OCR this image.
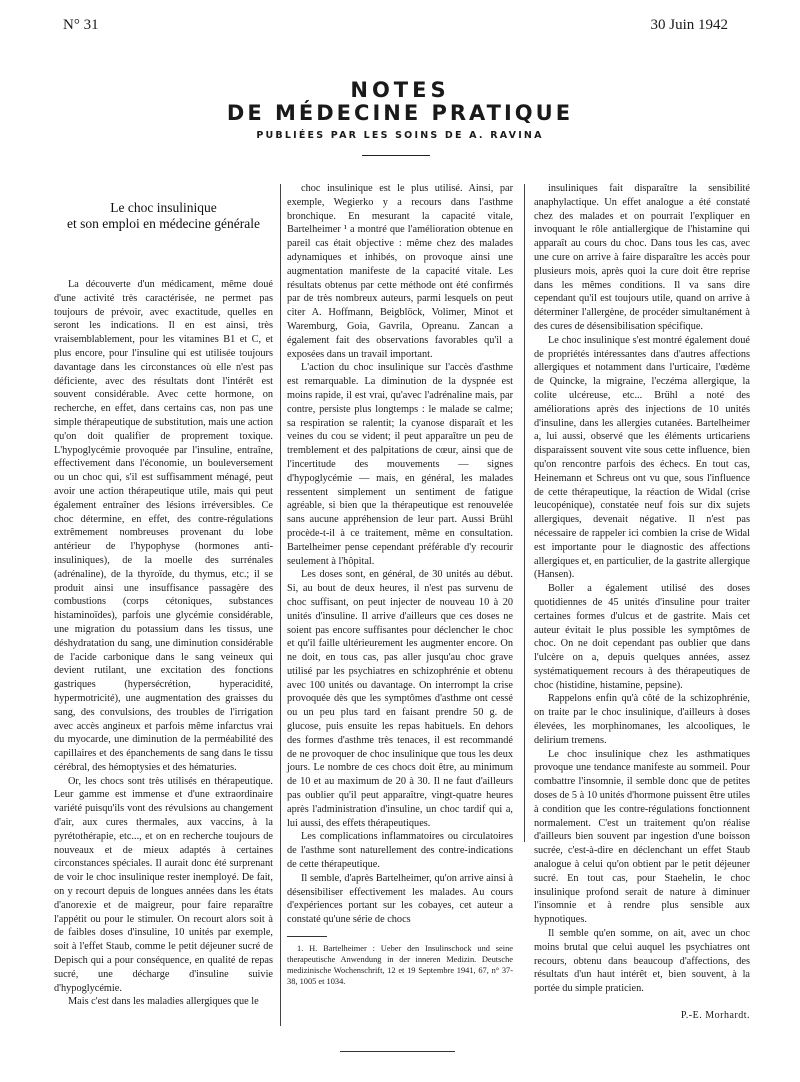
N° 31	30 Juin 1942
NOTES
DE MÉDECINE PRATIQUE
PUBLIÉES PAR LES SOINS DE A. RAVINA
Le choc insulinique
et son emploi en médecine générale

La découverte d'un médicament, même doué d'une activité très caractérisée, ne permet pas toujours de prévoir, avec exactitude, quelles en seront les indications. Il en est ainsi, très vraisemblablement, pour les vitamines B1 et C, et plus encore, pour l'insuline qui est utilisée toujours davantage dans les circonstances où elle n'est pas déficiente, avec des résultats dont l'intérêt est souvent considérable. Avec cette hormone, on recherche, en effet, dans certains cas, non pas une simple thérapeutique de substitution, mais une action qu'on doit qualifier de proprement toxique. L'hypoglycémie provoquée par l'insuline, entraîne, effectivement dans l'économie, un bouleversement ou un choc qui, s'il est suffisamment ménagé, peut avoir une action thérapeutique utile, mais qui peut également entraîner des lésions irréversibles. Ce choc détermine, en effet, des contre-régulations extrêmement nombreuses provenant du lobe antérieur de l'hypophyse (hormones anti-insuliniques), de la moelle des surrénales (adrénaline), de la thyroïde, du thymus, etc.; il se produit ainsi une insuffisance passagère des combustions (corps cétoniques, substances histaminoïdes), parfois une glycémie considérable, une migration du potassium dans les tissus, une déshydratation du sang, une diminution considérable de l'acide carbonique dans le sang veineux qui devient rutilant, une excitation des fonctions gastriques (hypersécrétion, hyperacidité, hypermotricité), une augmentation des graisses du sang, des convulsions, des troubles de l'irrigation avec accès angineux et parfois même infarctus vrai du myocarde, une diminution de la perméabilité des capillaires et des épanchements de sang dans le tissu cérébral, des hémoptysies et des hématuries.

Or, les chocs sont très utilisés en thérapeutique. Leur gamme est immense et d'une extraordinaire variété puisqu'ils vont des révulsions au changement d'air, aux cures thermales, aux vaccins, à la pyrétothérapie, etc..., et on en recherche toujours de nouveaux et de mieux adaptés à certaines circonstances spéciales. Il aurait donc été surprenant de voir le choc insulinique rester inemployé. De fait, on y recourt depuis de longues années dans les états d'anorexie et de maigreur, pour faire reparaître l'appétit ou pour le stimuler. On recourt alors soit à de faibles doses d'insuline, 10 unités par exemple, soit à l'effet Staub, comme le petit déjeuner sucré de Depisch qui a pour conséquence, en qualité de repas sucré, une décharge d'insuline suivie d'hypoglycémie.

Mais c'est dans les maladies allergiques que le

choc insulinique est le plus utilisé. Ainsi, par exemple, Wegierko y a recours dans l'asthme bronchique. En mesurant la capacité vitale, Bartelheimer ¹ a montré que l'amélioration obtenue en pareil cas était objective : même chez des malades adynamiques et inhibés, on provoque ainsi une augmentation manifeste de la capacité vitale. Les résultats obtenus par cette méthode ont été confirmés par de très nombreux auteurs, parmi lesquels on peut citer A. Hoffmann, Beigblöck, Volimer, Minot et Waremburg, Goia, Gavrila, Opreanu. Zancan a également fait des observations favorables qu'il a exposées dans un travail important.

L'action du choc insulinique sur l'accès d'asthme est remarquable. La diminution de la dyspnée est moins rapide, il est vrai, qu'avec l'adrénaline mais, par contre, persiste plus longtemps : le malade se calme; sa respiration se ralentit; la cyanose disparaît et les veines du cou se vident; il peut apparaître un peu de tremblement et des palpitations de cœur, ainsi que de l'incertitude des mouvements — signes d'hypoglycémie — mais, en général, les malades ressentent simplement un sentiment de fatigue agréable, si bien que la thérapeutique est renouvelée sans aucune appréhension de leur part. Aussi Brühl procède-t-il à ce traitement, même en consultation. Bartelheimer pense cependant préférable d'y recourir seulement à l'hôpital.

Les doses sont, en général, de 30 unités au début. Si, au bout de deux heures, il n'est pas survenu de choc suffisant, on peut injecter de nouveau 10 à 20 unités d'insuline. Il arrive d'ailleurs que ces doses ne soient pas encore suffisantes pour déclencher le choc et qu'il faille ultérieurement les augmenter encore. On ne doit, en tous cas, pas aller jusqu'au choc grave utilisé par les psychiatres en schizophrénie et obtenu avec 100 unités ou davantage. On interrompt la crise provoquée dès que les symptômes d'asthme ont cessé ou un peu plus tard en faisant prendre 50 g. de glucose, puis ensuite les repas habituels. En dehors des formes d'asthme très tenaces, il est recommandé de ne provoquer de choc insulinique que tous les deux jours. Le nombre de ces chocs doit être, au minimum de 10 et au maximum de 20 à 30. Il ne faut d'ailleurs pas oublier qu'il peut apparaître, vingt-quatre heures après l'administration d'insuline, un choc tardif qui a, lui aussi, des effets thérapeutiques.

Les complications inflammatoires ou circulatoires de l'asthme sont naturellement des contre-indications de cette thérapeutique.

Il semble, d'après Bartelheimer, qu'on arrive ainsi à désensibiliser effectivement les malades. Au cours d'expériences portant sur les cobayes, cet auteur a constaté qu'une série de chocs

1. H. Bartelheimer : Ueber den Insulinschock und seine therapeutische Anwendung in der inneren Medizin. Deutsche medizinische Wochenschrift, 12 et 19 Septembre 1941, 67, n° 37-38, 1005 et 1034.

insuliniques fait disparaître la sensibilité anaphylactique. Un effet analogue a été constaté chez des malades et on pourrait l'expliquer en invoquant le rôle antiallergique de l'histamine qui apparaît au cours du choc. Dans tous les cas, avec une cure on arrive à faire disparaître les accès pour plusieurs mois, après quoi la cure doit être reprise dans les mêmes conditions. Il va sans dire cependant qu'il est toujours utile, quand on arrive à déterminer l'allergène, de procéder simultanément à des cures de désensibilisation spécifique.

Le choc insulinique s'est montré également doué de propriétés intéressantes dans d'autres affections allergiques et notamment dans l'urticaire, l'œdème de Quincke, la migraine, l'eczéma allergique, la colite ulcéreuse, etc... Brühl a noté des améliorations après des injections de 10 unités d'insuline, dans les allergies cutanées. Bartelheimer a, lui aussi, observé que les éléments urticariens disparaissent souvent vite sous cette influence, bien qu'on rencontre parfois des échecs. En tout cas, Heinemann et Schreus ont vu que, sous l'influence de cette thérapeutique, la réaction de Widal (crise leucopénique), constatée neuf fois sur dix sujets allergiques, devenait négative. Il n'est pas nécessaire de rappeler ici combien la crise de Widal est importante pour le diagnostic des affections allergiques et, en particulier, de la gastrite allergique (Hansen).

Boller a également utilisé des doses quotidiennes de 45 unités d'insuline pour traiter certaines formes d'ulcus et de gastrite. Mais cet auteur évitait le plus possible les symptômes de choc. On ne doit cependant pas oublier que dans l'ulcère on a, depuis quelques années, assez systématiquement recours à des thérapeutiques de choc (histidine, histamine, pepsine).

Rappelons enfin qu'à côté de la schizophrénie, on traite par le choc insulinique, d'ailleurs à doses élevées, les morphinomanes, les alcooliques, le delirium tremens.

Le choc insulinique chez les asthmatiques provoque une tendance manifeste au sommeil. Pour combattre l'insomnie, il semble donc que de petites doses de 5 à 10 unités d'hormone puissent être utiles à condition que les contre-régulations fonctionnent normalement. C'est un traitement qu'on réalise d'ailleurs bien souvent par ingestion d'une boisson sucrée, c'est-à-dire en déclenchant un effet Staub analogue à celui qu'on obtient par le petit déjeuner sucré. En tout cas, pour Staehelin, le choc insulinique profond serait de nature à diminuer l'insomnie et à rendre plus sensible aux hypnotiques.

Il semble qu'en somme, on ait, avec un choc moins brutal que celui auquel les psychiatres ont recours, obtenu dans beaucoup d'affections, des résultats d'un haut intérêt et, bien souvent, à la portée du simple praticien.

P.-E. Morhardt.
